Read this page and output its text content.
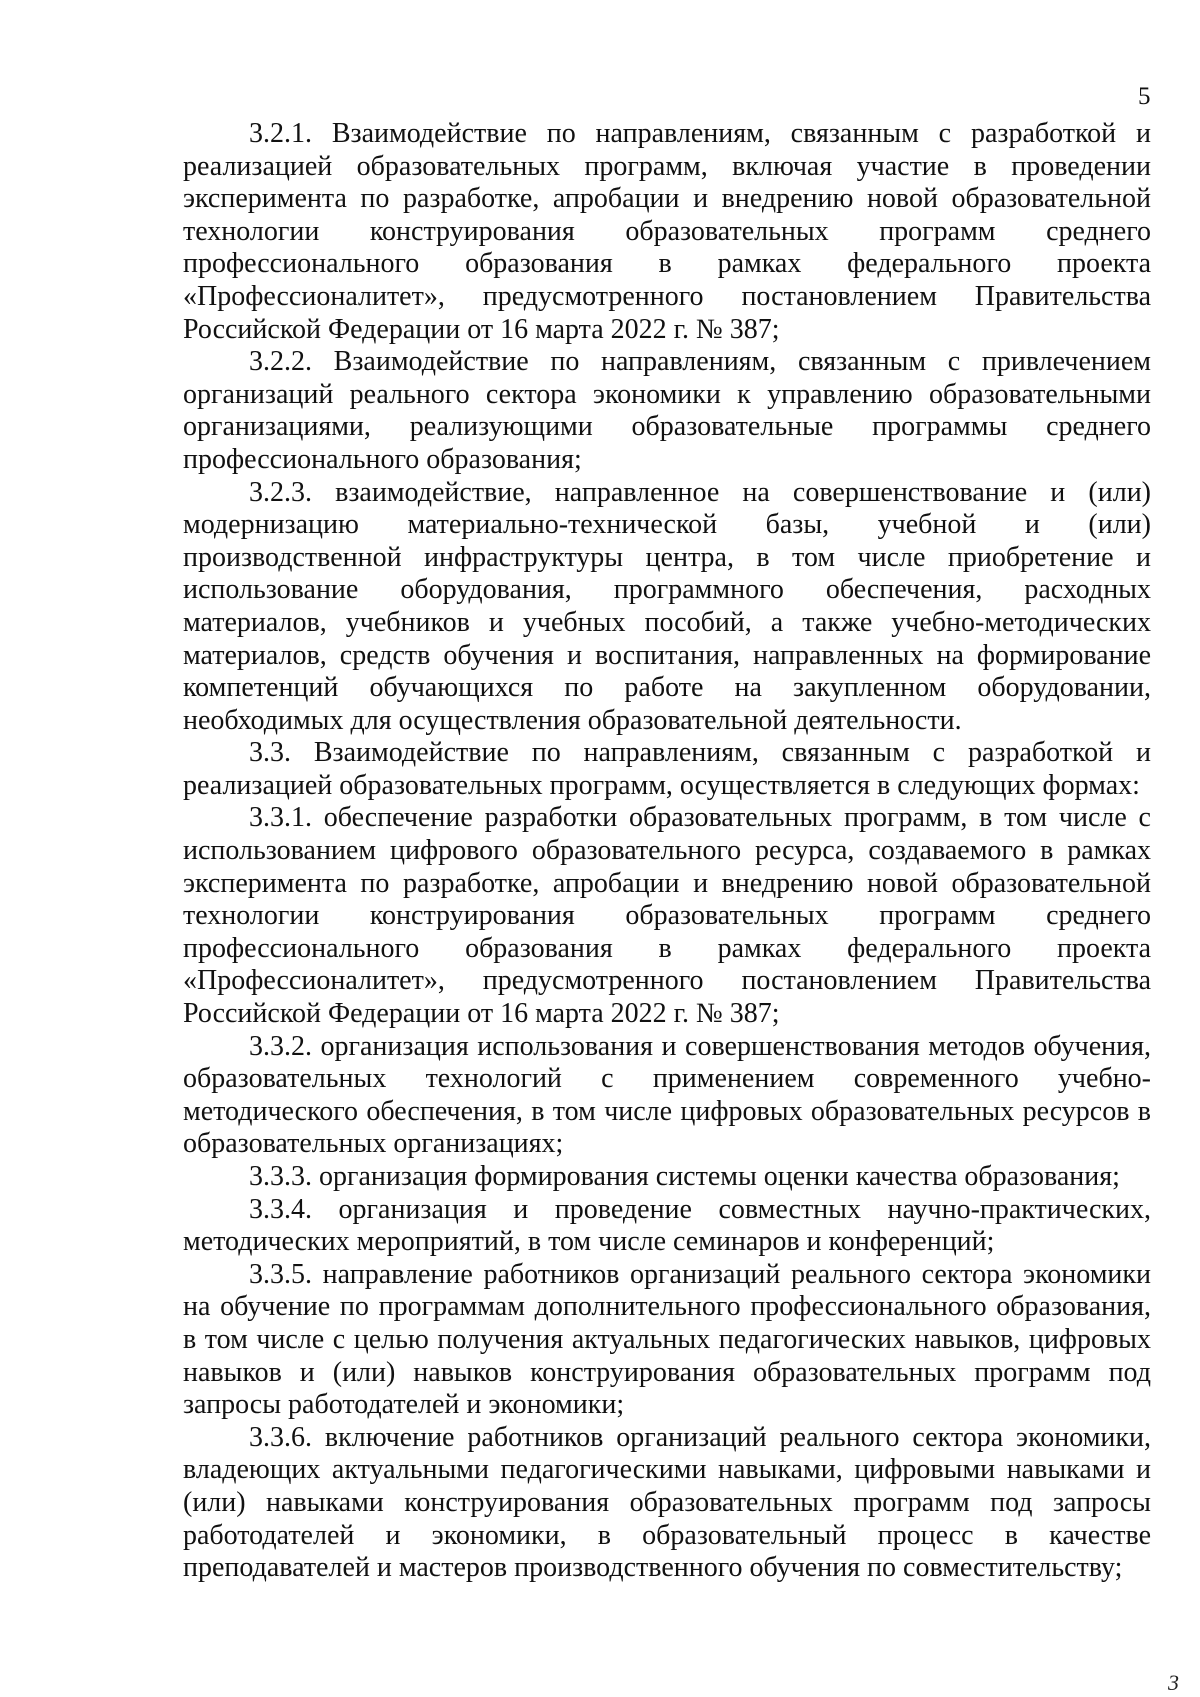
5

3.2.1. Взаимодействие по направлениям, связанным с разработкой и реализацией образовательных программ, включая участие в проведении эксперимента по разработке, апробации и внедрению новой образовательной технологии конструирования образовательных программ среднего профессионального образования в рамках федерального проекта «Профессионалитет», предусмотренного постановлением Правительства Российской Федерации от 16 марта 2022 г. № 387;

3.2.2. Взаимодействие по направлениям, связанным с привлечением организаций реального сектора экономики к управлению образовательными организациями, реализующими образовательные программы среднего профессионального образования;

3.2.3. взаимодействие, направленное на совершенствование и (или) модернизацию материально-технической базы, учебной и (или) производственной инфраструктуры центра, в том числе приобретение и использование оборудования, программного обеспечения, расходных материалов, учебников и учебных пособий, а также учебно-методических материалов, средств обучения и воспитания, направленных на формирование компетенций обучающихся по работе на закупленном оборудовании, необходимых для осуществления образовательной деятельности.

3.3. Взаимодействие по направлениям, связанным с разработкой и реализацией образовательных программ, осуществляется в следующих формах:

3.3.1. обеспечение разработки образовательных программ, в том числе с использованием цифрового образовательного ресурса, создаваемого в рамках эксперимента по разработке, апробации и внедрению новой образовательной технологии конструирования образовательных программ среднего профессионального образования в рамках федерального проекта «Профессионалитет», предусмотренного постановлением Правительства Российской Федерации от 16 марта 2022 г. № 387;

3.3.2. организация использования и совершенствования методов обучения, образовательных технологий с применением современного учебно-методического обеспечения, в том числе цифровых образовательных ресурсов в образовательных организациях;

3.3.3. организация формирования системы оценки качества образования;

3.3.4. организация и проведение совместных научно-практических, методических мероприятий, в том числе семинаров и конференций;

3.3.5. направление работников организаций реального сектора экономики на обучение по программам дополнительного профессионального образования, в том числе с целью получения актуальных педагогических навыков, цифровых навыков и (или) навыков конструирования образовательных программ под запросы работодателей и экономики;

3.3.6. включение работников организаций реального сектора экономики, владеющих актуальными педагогическими навыками, цифровыми навыками и (или) навыками конструирования образовательных программ под запросы работодателей и экономики, в образовательный процесс в качестве преподавателей и мастеров производственного обучения по совместительству;

3
